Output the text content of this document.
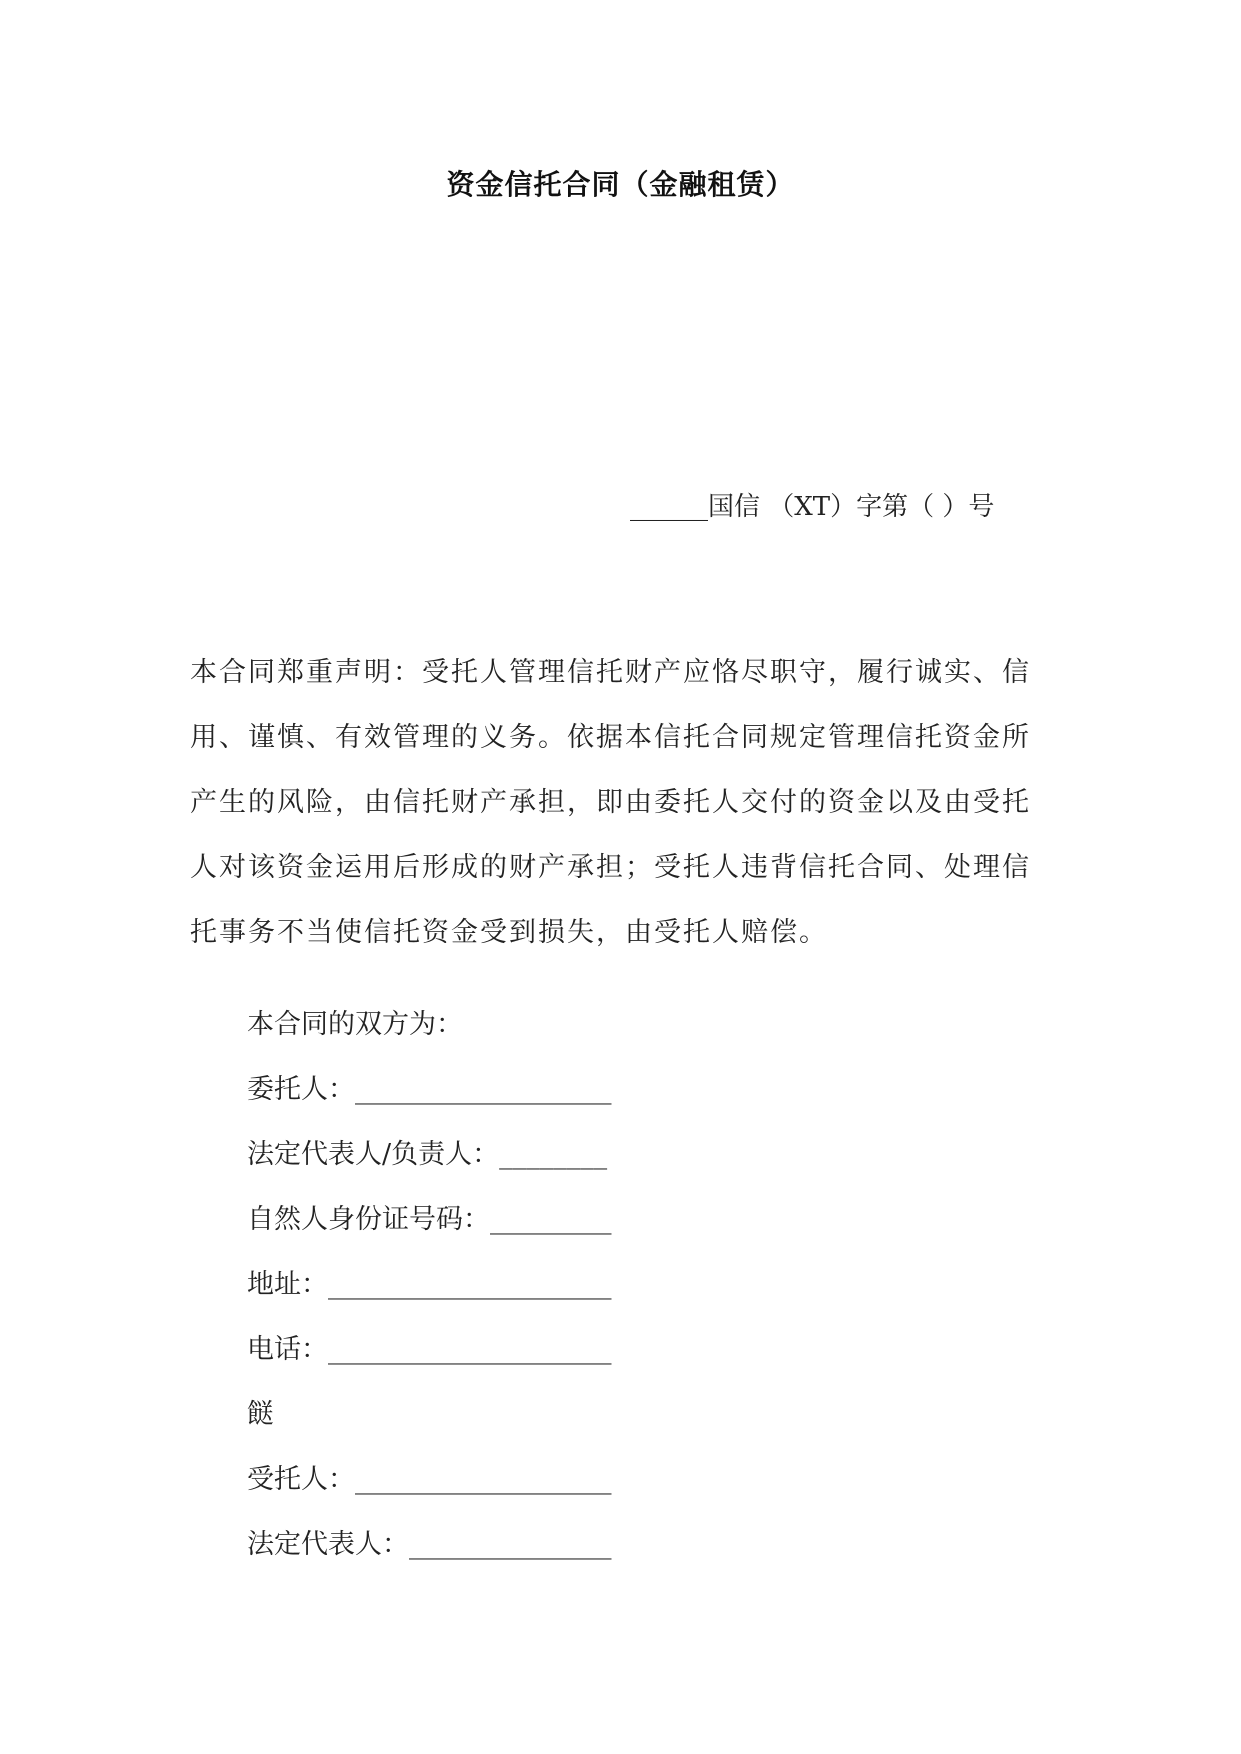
资金信托合同（金融租赁）
______国信 （XT）字第（ ）号
本合同郑重声明：受托人管理信托财产应恪尽职守，履行诚实、信
用、谨慎、有效管理的义务。依据本信托合同规定管理信托资金所
产生的风险，由信托财产承担，即由委托人交付的资金以及由受托
人对该资金运用后形成的财产承担；受托人违背信托合同、处理信
托事务不当使信托资金受到损失，由受托人赔偿。
本合同的双方为：
委托人：___________________
法定代表人/负责人：________
自然人身份证号码：_________
地址：_____________________
电话：_____________________
餸
受托人：___________________
法定代表人：_______________
